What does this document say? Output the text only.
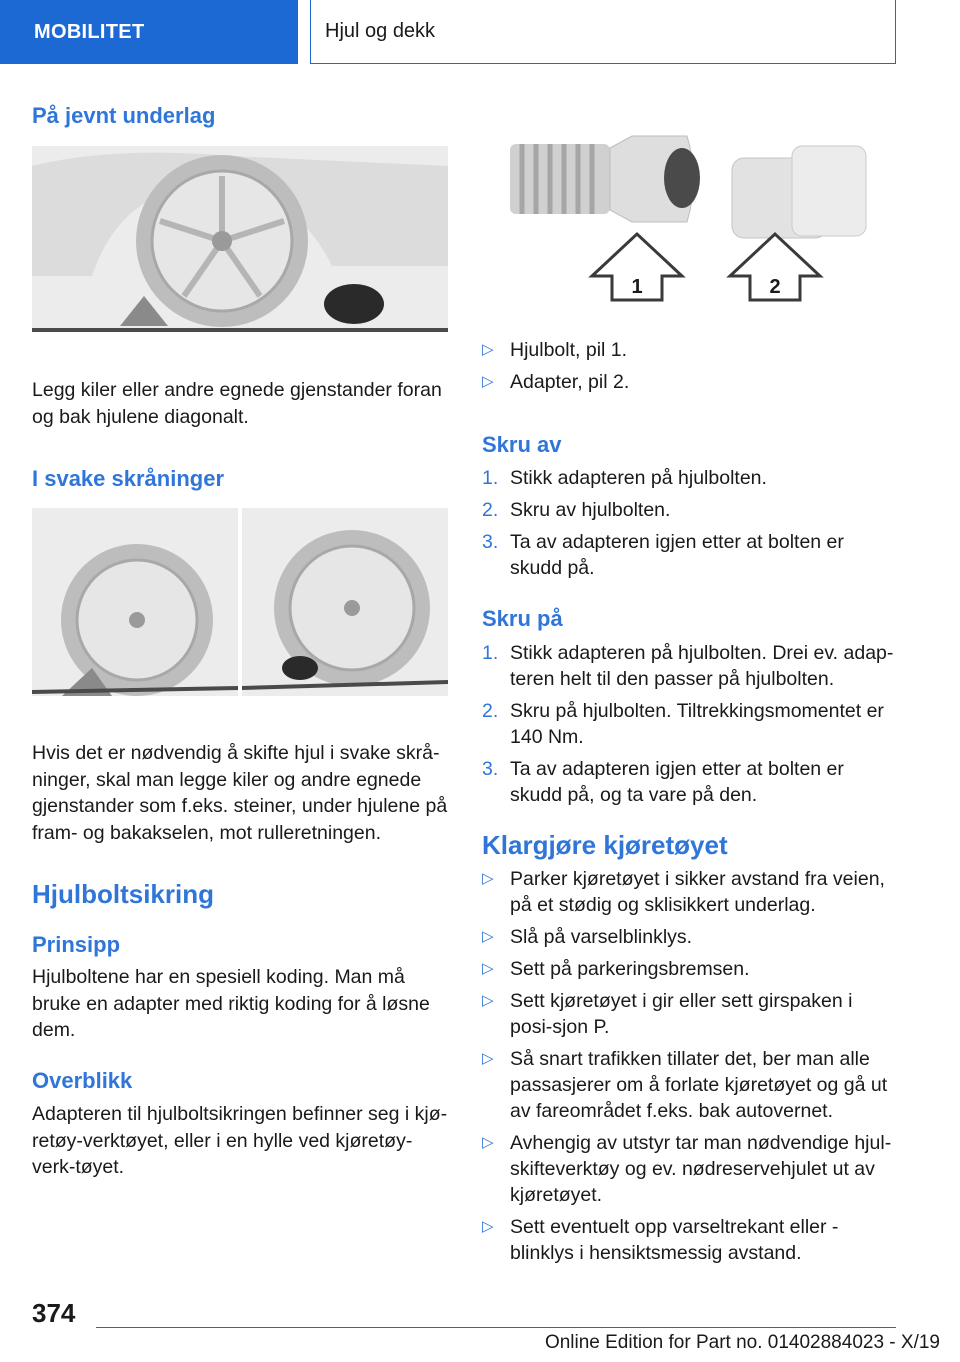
MOBILITET	Hjul og dekk
På jevnt underlag

Legg kiler eller andre egnede gjenstander foran og bak hjulene diagonalt.

I svake skråninger

Hvis det er nødvendig å skifte hjul i svake skrå-ninger, skal man legge kiler og andre egnede gjenstander som f.eks. steiner, under hjulene på fram- og bakakselen, mot rulleretningen.

Hjulboltsikring
Prinsipp

Hjulboltene har en spesiell koding. Man må bruke en adapter med riktig koding for å løsne dem.

Overblikk

Adapteren til hjulboltsikringen befinner seg i kjø-retøy-verktøyet, eller i en hylle ved kjøretøy-verk-tøyet.

1	2
▷ Hjulbolt, pil 1.
▷ Adapter, pil 2.
Skru av
1. Stikk adapteren på hjulbolten.
2. Skru av hjulbolten.
3. Ta av adapteren igjen etter at bolten er skudd på.
Skru på
1. Stikk adapteren på hjulbolten. Drei ev. adap-teren helt til den passer på hjulbolten.
2. Skru på hjulbolten. Tiltrekkingsmomentet er 140 Nm.
3. Ta av adapteren igjen etter at bolten er skudd på, og ta vare på den.
Klargjøre kjøretøyet
▷ Parker kjøretøyet i sikker avstand fra veien, på et stødig og sklisikkert underlag.
▷ Slå på varselblinklys.
▷ Sett på parkeringsbremsen.
▷ Sett kjøretøyet i gir eller sett girspaken i posi-sjon P.
▷ Så snart trafikken tillater det, ber man alle passasjerer om å forlate kjøretøyet og gå ut av fareområdet f.eks. bak autovernet.
▷ Avhengig av utstyr tar man nødvendige hjul-skifteverktøy og ev. nødreservehjulet ut av kjøretøyet.
▷ Sett eventuelt opp varseltrekant eller -blinklys i hensiktsmessig avstand.
374
Online Edition for Part no. 01402884023 - X/19
